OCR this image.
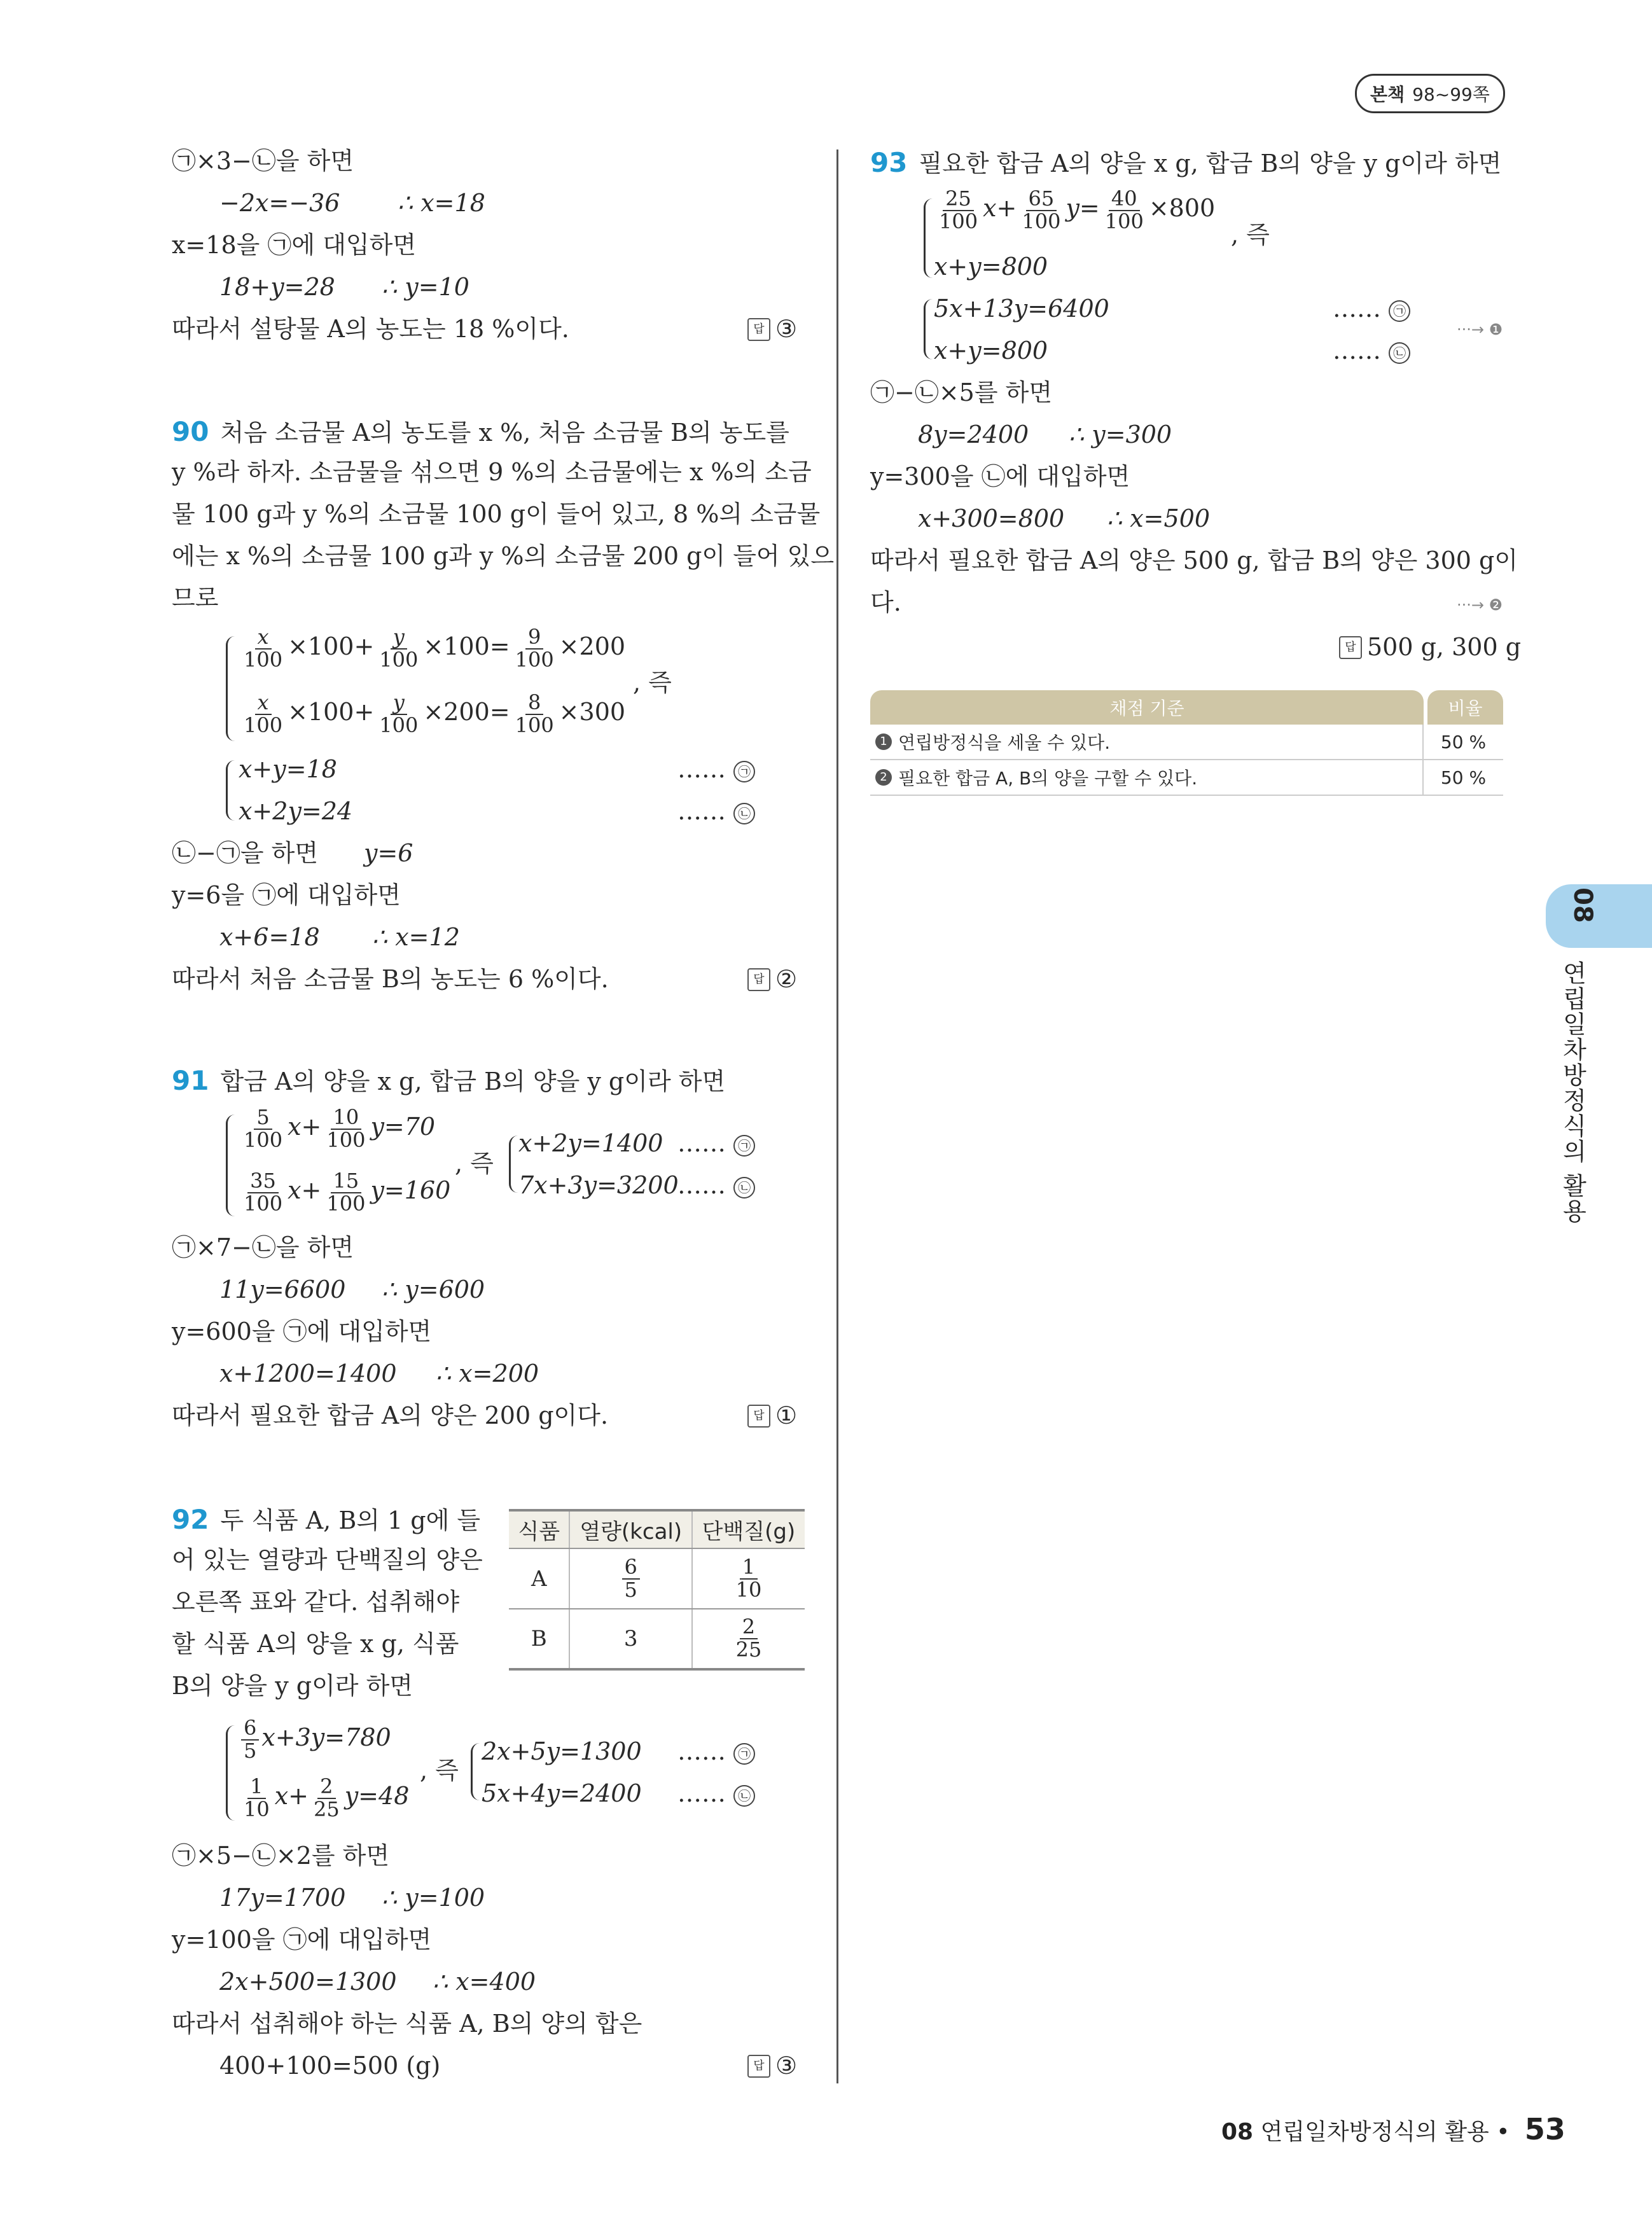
본책 98~99쪽
㉠×3−㉡을 하면
−2x=−36 ∴ x=18
x=18을 ㉠에 대입하면
18+y=28 ∴ y=10
따라서 설탕물 A의 농도는 18 %이다.	답 ③
90 처음 소금물 A의 농도를 x %, 처음 소금물 B의 농도를
y %라 하자. 소금물을 섞으면 9 %의 소금물에는 x %의 소금
물 100 g과 y %의 소금물 100 g이 들어 있고, 8 %의 소금물
에는 x %의 소금물 100 g과 y %의 소금물 200 g이 들어 있으
므로
$\frac{x}{100} \times 100+ \frac{y}{100} \times 100= \frac{9}{100} \times 200$
$\frac{x}{100} \times 100+ \frac{y}{100} \times 200= \frac{8}{100} \times 300$
, 즉
x+y=18	…… ㉠
x+2y=24	…… ㉡
㉡−㉠을 하면 y=6
y=6을 ㉠에 대입하면
x+6=18 ∴ x=12
따라서 처음 소금물 B의 농도는 6 %이다.	답 ②
91 합금 A의 양을 x g, 합금 B의 양을 y g이라 하면
$\frac{5}{100} x+ \frac{10}{100} y=70$
$\frac{35}{100} x+ \frac{15}{100} y=160$
, 즉
x+2y=1400 …… ㉠
7x+3y=3200
…… ㉡
㉠×7−㉡을 하면
11y=6600 ∴ y=600
y=600을 ㉠에 대입하면
x+1200=1400 ∴ x=200
따라서 필요한 합금 A의 양은 200 g이다.	답 ①
92 두 식품 A, B의 1 g에 들
어 있는 열량과 단백질의 양은
오른쪽 표와 같다. 섭취해야
할 식품 A의 양을 x g, 식품
B의 양을 y g이라 하면
식품	열량(kcal)	단백질(g)
A	$\frac{6}{5}$	$\frac{1}{10}$

B	3	$\frac{2}{25}$
$\frac{6}{5} x+3y=780$
$\frac{1}{10} x+ \frac{2}{25} y=48$
, 즉
2x+5y=1300 …… ㉠
5x+4y=2400 …… ㉡
㉠×5−㉡×2를 하면
17y=1700 ∴ y=100
y=100을 ㉠에 대입하면
2x+500=1300 ∴ x=400
따라서 섭취해야 하는 식품 A, B의 양의 합은
400+100=500 (g)	답 ③
93 필요한 합금 A의 양을 x g, 합금 B의 양을 y g이라 하면
$\frac{25}{100} x+ \frac{65}{100} y= \frac{40}{100} \times 800$
x+y=800
, 즉
5x+13y=6400	…… ㉠
x+y=800	…… ㉡
···→ ❶
㉠−㉡×5를 하면
8y=2400 ∴ y=300
y=300을 ㉡에 대입하면
x+300=800 ∴ x=500
따라서 필요한 합금 A의 양은 500 g, 합금 B의 양은 300 g이
다.	···→ ❷
답 500 g, 300 g
채점 기준	비율
1 연립방정식을 세울 수 있다.	50 %
2 필요한 합금 A, B의 양을 구할 수 있다.	50 %
08
연립일차방정식의 활용
08 연립일차방정식의 활용 • 53
